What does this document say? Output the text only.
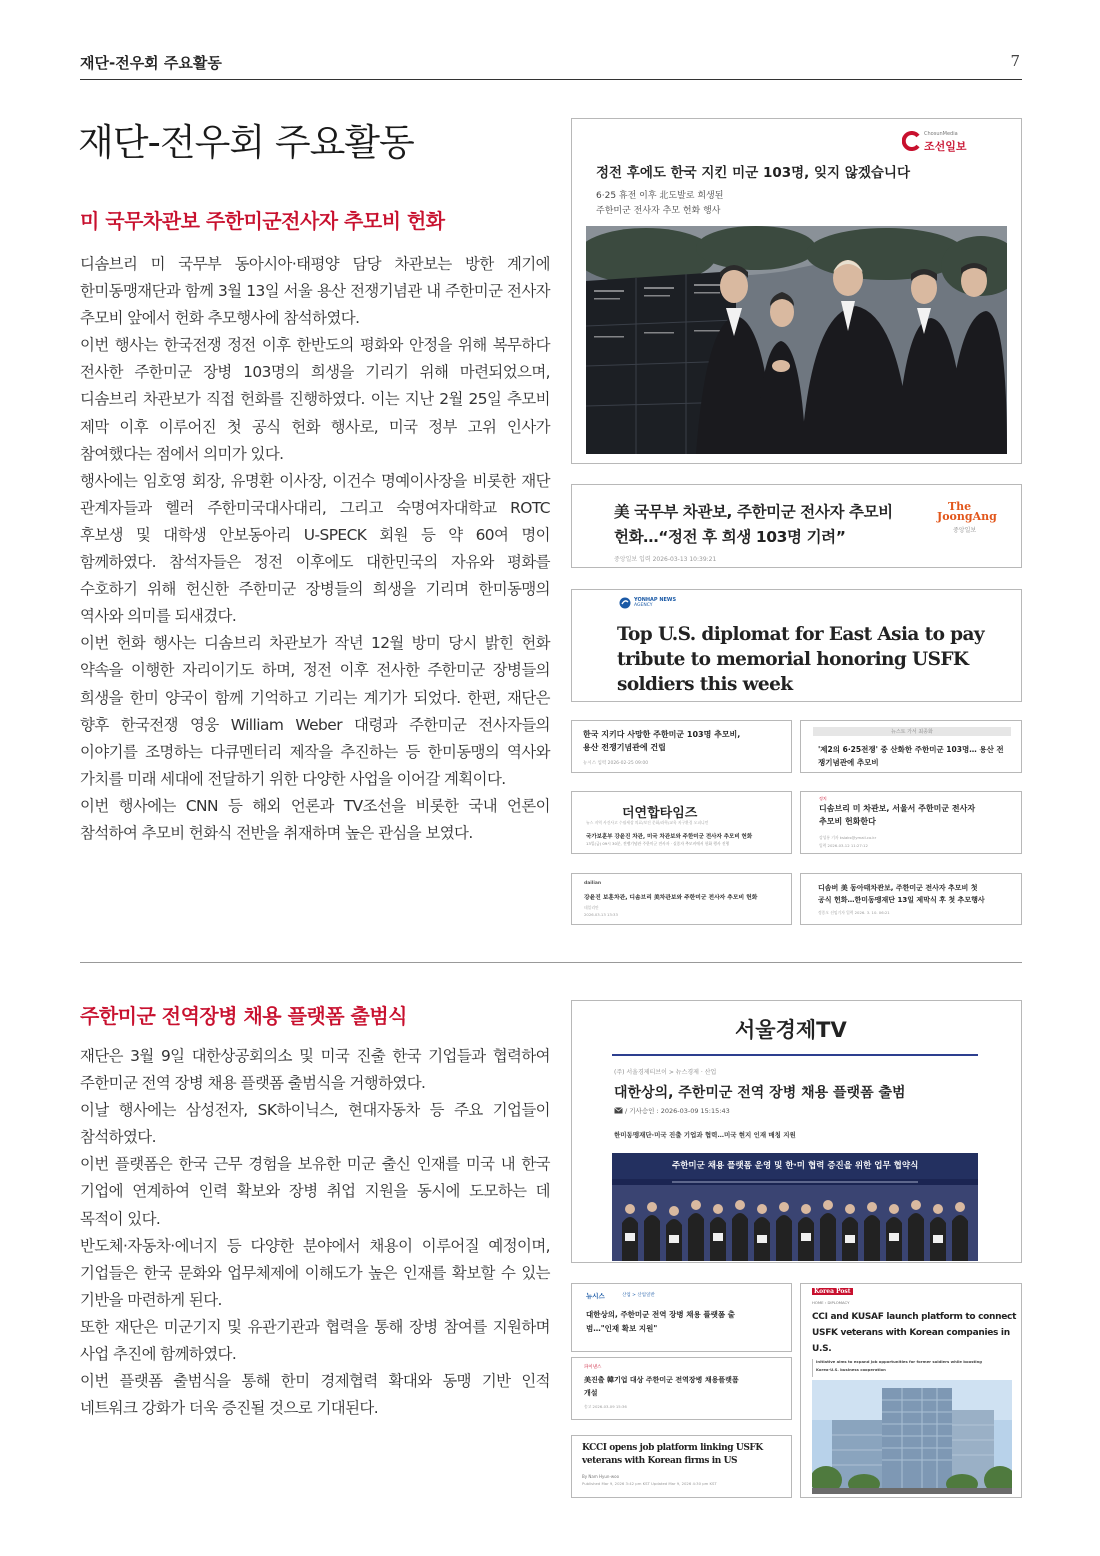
재단-전우회 주요활동	7
재단-전우회 주요활동
미 국무차관보 주한미군전사자 추모비 헌화

디솜브리 미 국무부 동아시아·태평양 담당 차관보는 방한 계기에 한미동맹재단과 함께 3월 13일 서울 용산 전쟁기념관 내 주한미군 전사자 추모비 앞에서 헌화 추모행사에 참석하였다.

이번 행사는 한국전쟁 정전 이후 한반도의 평화와 안정을 위해 복무하다 전사한 주한미군 장병 103명의 희생을 기리기 위해 마련되었으며, 디솜브리 차관보가 직접 헌화를 진행하였다. 이는 지난 2월 25일 추모비 제막 이후 이루어진 첫 공식 헌화 행사로, 미국 정부 고위 인사가 참여했다는 점에서 의미가 있다.

행사에는 임호영 회장, 유명환 이사장, 이건수 명예이사장을 비롯한 재단 관계자들과 헬러 주한미국대사대리, 그리고 숙명여자대학교 ROTC 후보생 및 대학생 안보동아리 U-SPECK 회원 등 약 60여 명이 함께하였다. 참석자들은 정전 이후에도 대한민국의 자유와 평화를 수호하기 위해 헌신한 주한미군 장병들의 희생을 기리며 한미동맹의 역사와 의미를 되새겼다.

이번 헌화 행사는 디솜브리 차관보가 작년 12월 방미 당시 밝힌 헌화 약속을 이행한 자리이기도 하며, 정전 이후 전사한 주한미군 장병들의 희생을 한미 양국이 함께 기억하고 기리는 계기가 되었다. 한편, 재단은 향후 한국전쟁 영웅 William Weber 대령과 주한미군 전사자들의 이야기를 조명하는 다큐멘터리 제작을 추진하는 등 한미동맹의 역사와 가치를 미래 세대에 전달하기 위한 다양한 사업을 이어갈 계획이다.

이번 행사에는 CNN 등 해외 언론과 TV조선을 비롯한 국내 언론이 참석하여 추모비 헌화식 전반을 취재하며 높은 관심을 보였다.

주한미군 전역장병 채용 플랫폼 출범식

재단은 3월 9일 대한상공회의소 및 미국 진출 한국 기업들과 협력하여 주한미군 전역 장병 채용 플랫폼 출범식을 거행하였다.

이날 행사에는 삼성전자, SK하이닉스, 현대자동차 등 주요 기업들이 참석하였다.

이번 플랫폼은 한국 근무 경험을 보유한 미군 출신 인재를 미국 내 한국 기업에 연계하여 인력 확보와 장병 취업 지원을 동시에 도모하는 데 목적이 있다.

반도체·자동차·에너지 등 다양한 분야에서 채용이 이루어질 예정이며, 기업들은 한국 문화와 업무체제에 이해도가 높은 인재를 확보할 수 있는 기반을 마련하게 된다.

또한 재단은 미군기지 및 유관기관과 협력을 통해 장병 참여를 지원하며 사업 추진에 함께하였다.

이번 플랫폼 출범식을 통해 한미 경제협력 확대와 동맹 기반 인적 네트워크 강화가 더욱 증진될 것으로 기대된다.

ChosunMedia
조선일보
정전 후에도 한국 지킨 미군 103명, 잊지 않겠습니다
6·25 휴전 이후 北도발로 희생된
주한미군 전사자 추모 헌화 행사
美 국무부 차관보, 주한미군 전사자 추모비
헌화…“정전 후 희생 103명 기려”
중앙일보 입력 2026-03-13 10:39:21
The
JoongAng
중앙일보
YONHAP NEWS
AGENCY
Top U.S. diplomat for East Asia to pay
tribute to memorial honoring USFK
soldiers this week
한국 지키다 사망한 주한미군 103명 추모비,
용산 전쟁기념관에 건립
뉴시스 입력 2026-02-25 09:00
뉴스토 가서 최종화
'제2의 6·25전쟁' 중 산화한 주한미군 103명… 용산 전
쟁기념관에 추모비
더연합타임즈
뉴스 지역 사건사고 수필세상 의료/보건 문화/과학/교육 지구환경 오피니언
국가보훈부 강윤진 차관, 미국 차관보와 주한미군 전사자 추모비 헌화
13일(금) 09시 30분, 전쟁기념관 주한미군 전사자 · 실종자 추모비에서 헌화 행사 진행
정치
디솜브리 미 차관보, 서울서 주한미군 전사자
추모비 헌화한다
강성룡 기자 kslaks@ymail.co.kr
입력 2026-03-12 11:27:12
dailian
강윤진 보훈차관, 디솜브리 美차관보와 주한미군 전사자 추모비 헌화
데일리안
2026.03.13 13:33
디솜버 美 동아태차관보, 주한미군 전사자 추모비 첫
공식 헌화…한미동맹재단 13일 제막식 후 첫 추모행사
정종오 선임기자 입력 2026. 3. 10. 06:21
서울경제TV
(주) 서울경제티브이 > 뉴스경제 · 산업
대한상의, 주한미군 전역 장병 채용 플랫폼 출범
/ 기사승인 : 2026-03-09 15:15:43
한미동맹재단·미국 진출 기업과 협력…미국 현지 인재 매칭 지원
주한미군 채용 플랫폼 운영 및 한·미 협력 증진을 위한 업무 협약식
뉴시스	산업 > 산업일반
대한상의, 주한미군 전역 장병 채용 플랫폼 출
범…"인재 확보 지원"
파이낸스
美진출 韓기업 대상 주한미군 전역장병 채용플랫폼
개설
송고 2026-03-09 15:36
KCCI opens job platform linking USFK
veterans with Korean firms in US
By Nam Hyun-woo
Published Mar 9, 2026 3:42 pm KST Updated Mar 9, 2026 4:30 pm KST
Korea Post
HOME › DIPLOMACY
CCI and KUSAF launch platform to connect
USFK veterans with Korean companies in
U.S.
Initiative aims to expand job opportunities for former soldiers while boosting
Korea-U.S. business cooperation
